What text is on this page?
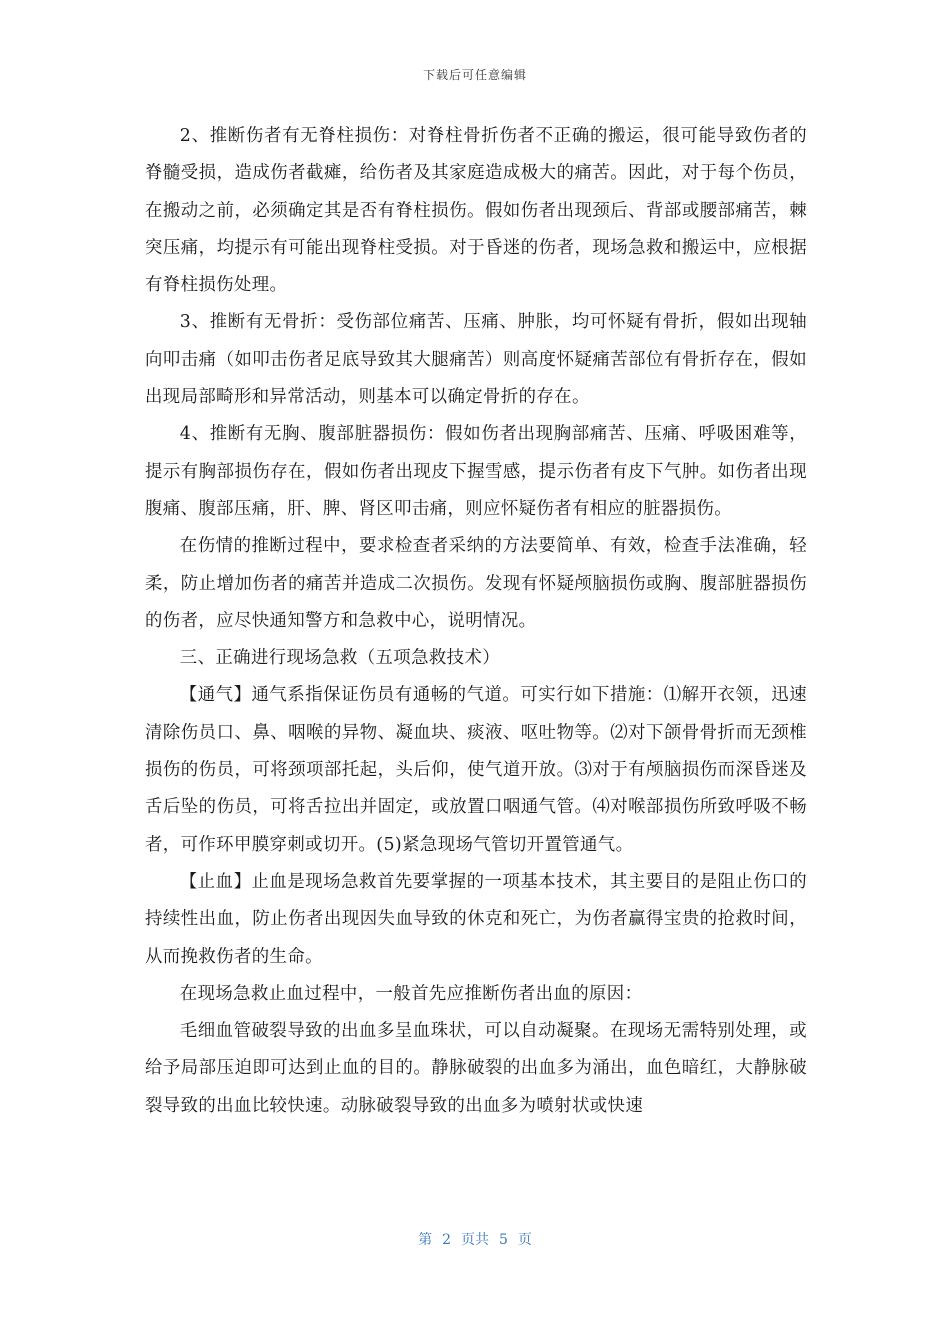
下载后可任意编辑

2、推断伤者有无脊柱损伤：对脊柱骨折伤者不正确的搬运，很可能导致伤者的脊髓受损，造成伤者截瘫，给伤者及其家庭造成极大的痛苦。因此，对于每个伤员，在搬动之前，必须确定其是否有脊柱损伤。假如伤者出现颈后、背部或腰部痛苦，棘突压痛，均提示有可能出现脊柱受损。对于昏迷的伤者，现场急救和搬运中，应根据有脊柱损伤处理。

3、推断有无骨折：受伤部位痛苦、压痛、肿胀，均可怀疑有骨折，假如出现轴向叩击痛（如叩击伤者足底导致其大腿痛苦）则高度怀疑痛苦部位有骨折存在，假如出现局部畸形和异常活动，则基本可以确定骨折的存在。

4、推断有无胸、腹部脏器损伤：假如伤者出现胸部痛苦、压痛、呼吸困难等，提示有胸部损伤存在，假如伤者出现皮下握雪感，提示伤者有皮下气肿。如伤者出现腹痛、腹部压痛，肝、脾、肾区叩击痛，则应怀疑伤者有相应的脏器损伤。

在伤情的推断过程中，要求检查者采纳的方法要简单、有效，检查手法准确，轻柔，防止增加伤者的痛苦并造成二次损伤。发现有怀疑颅脑损伤或胸、腹部脏器损伤的伤者，应尽快通知警方和急救中心，说明情况。

三、正确进行现场急救（五项急救技术）

【通气】通气系指保证伤员有通畅的气道。可实行如下措施：⑴解开衣领，迅速清除伤员口、鼻、咽喉的异物、凝血块、痰液、呕吐物等。⑵对下颌骨骨折而无颈椎损伤的伤员，可将颈项部托起，头后仰，使气道开放。⑶对于有颅脑损伤而深昏迷及舌后坠的伤员，可将舌拉出并固定，或放置口咽通气管。⑷对喉部损伤所致呼吸不畅者，可作环甲膜穿刺或切开。(5)紧急现场气管切开置管通气。

【止血】止血是现场急救首先要掌握的一项基本技术，其主要目的是阻止伤口的持续性出血，防止伤者出现因失血导致的休克和死亡，为伤者赢得宝贵的抢救时间，从而挽救伤者的生命。

在现场急救止血过程中，一般首先应推断伤者出血的原因：

毛细血管破裂导致的出血多呈血珠状，可以自动凝聚。在现场无需特别处理，或给予局部压迫即可达到止血的目的。静脉破裂的出血多为涌出，血色暗红，大静脉破裂导致的出血比较快速。动脉破裂导致的出血多为喷射状或快速

第 2 页共 5 页
